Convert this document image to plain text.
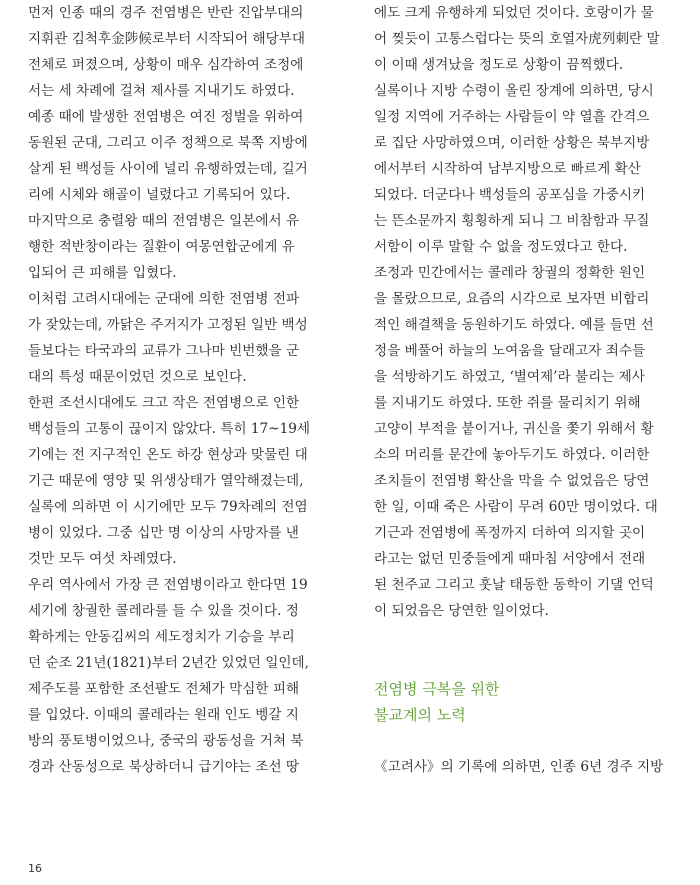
먼저 인종 때의 경주 전염병은 반란 진압부대의
지휘관 김척후金陟候로부터 시작되어 해당부대
전체로 퍼졌으며, 상황이 매우 심각하여 조정에
서는 세 차례에 걸쳐 제사를 지내기도 하였다.
예종 때에 발생한 전염병은 여진 정벌을 위하여
동원된 군대, 그리고 이주 정책으로 북쪽 지방에
살게 된 백성들 사이에 널리 유행하였는데, 길거
리에 시체와 해골이 널렸다고 기록되어 있다.
마지막으로 충렬왕 때의 전염병은 일본에서 유
행한 적반창이라는 질환이 여몽연합군에게 유
입되어 큰 피해를 입혔다.
이처럼 고려시대에는 군대에 의한 전염병 전파
가 잦았는데, 까닭은 주거지가 고정된 일반 백성
들보다는 타국과의 교류가 그나마 빈번했을 군
대의 특성 때문이었던 것으로 보인다.
한편 조선시대에도 크고 작은 전염병으로 인한
백성들의 고통이 끊이지 않았다. 특히 17~19세
기에는 전 지구적인 온도 하강 현상과 맞물린 대
기근 때문에 영양 및 위생상태가 열악해졌는데,
실록에 의하면 이 시기에만 모두 79차례의 전염
병이 있었다. 그중 십만 명 이상의 사망자를 낸
것만 모두 여섯 차례였다.
우리 역사에서 가장 큰 전염병이라고 한다면 19
세기에 창궐한 콜레라를 들 수 있을 것이다. 정
확하게는 안동김씨의 세도정치가 기승을 부리
던 순조 21년(1821)부터 2년간 있었던 일인데,
제주도를 포함한 조선팔도 전체가 막심한 피해
를 입었다. 이때의 콜레라는 원래 인도 벵갈 지
방의 풍토병이었으나, 중국의 광동성을 거쳐 북
경과 산동성으로 북상하더니 급기야는 조선 땅
에도 크게 유행하게 되었던 것이다. 호랑이가 물
어 찢듯이 고통스럽다는 뜻의 호열자虎列刺란 말
이 이때 생겨났을 정도로 상황이 끔찍했다.
실록이나 지방 수령이 올린 장계에 의하면, 당시
일정 지역에 거주하는 사람들이 약 열흘 간격으
로 집단 사망하였으며, 이러한 상황은 북부지방
에서부터 시작하여 남부지방으로 빠르게 확산
되었다. 더군다나 백성들의 공포심을 가중시키
는 뜬소문까지 횡횡하게 되니 그 비참함과 무질
서함이 이루 말할 수 없을 정도였다고 한다.
조정과 민간에서는 콜레라 창궐의 정확한 원인
을 몰랐으므로, 요즘의 시각으로 보자면 비합리
적인 해결책을 동원하기도 하였다. 예를 들면 선
정을 베풀어 하늘의 노여움을 달래고자 죄수들
을 석방하기도 하였고, ‘별여제’라 불리는 제사
를 지내기도 하였다. 또한 쥐를 물리치기 위해
고양이 부적을 붙이거나, 귀신을 쫓기 위해서 황
소의 머리를 문간에 놓아두기도 하였다. 이러한
조치들이 전염병 확산을 막을 수 없었음은 당연
한 일, 이때 죽은 사람이 무려 60만 명이었다. 대
기근과 전염병에 폭정까지 더하여 의지할 곳이
라고는 없던 민중들에게 때마침 서양에서 전래
된 천주교 그리고 훗날 태동한 동학이 기댈 언덕
이 되었음은 당연한 일이었다.
전염병 극복을 위한
불교계의 노력
《고려사》의 기록에 의하면, 인종 6년 경주 지방
16
